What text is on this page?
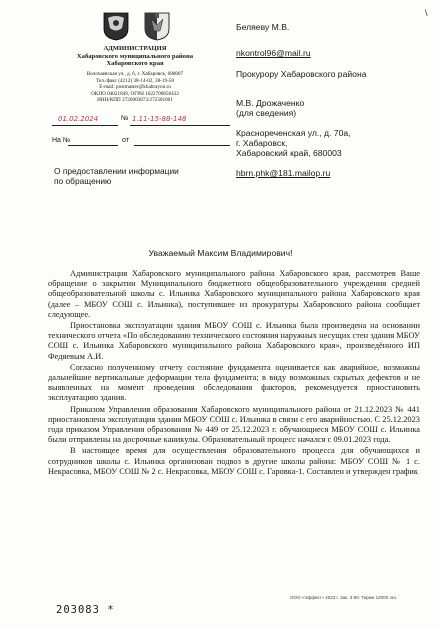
\
АДМИНИСТРАЦИЯ
Хабаровского муниципального района
Хабаровского края
Волочаевская ул., д. 6, г. Хабаровск, 680007
Тел./факс (4212) 38-14-02, 38-19-58
E-mail: postmaster@khabrayon.ru
ОКПО 04021849, ОГРН 1022700858432
ИНН/КПП 2720003873/272301001
01.02.2024	№ 1.11-15-88-148
На №	от
О предоставлении информации
по обращению
Беляеву М.В.
nkontrol96@mail.ru
Прокурору Хабаровского района
М.В. Дрожаченко
(для сведения)
Краснореченская ул., д. 70а,
г. Хабаровск,
Хабаровский край, 680003
hbrn.phk@181.mailop.ru
Уважаемый Максим Владимирович!

Администрация Хабаровского муниципального района Хабаровского края, рассмотрев Ваше обращение о закрытии Муниципального бюджетного общеобразовательного учреждения средней общеобразовательной школы с. Ильинка Хабаровского муниципального района Хабаровского края (далее – МБОУ СОШ с. Ильинка), поступившее из прокуратуры Хабаровского района сообщает следующее.

Приостановка эксплуатации здания МБОУ СОШ с. Ильинка была произведена на основании технического отчета «По обследованию технического состояния наружных несущих стен здания МБОУ СОШ с. Ильинка Хабаровского муниципального района Хабаровского края», произведённого ИП Федяевым А.И.

Согласно полученному отчету состояние фундамента оценивается как аварийное, возможны дальнейшие вертикальные деформации тела фундамента; в виду возможных скрытых дефектов и не выявленных на момент проведения обследования факторов, рекомендуется приостановить эксплуатацию здания.

Приказом Управления образования Хабаровского муниципального района от 21.12.2023 № 441 приостановлена эксплуатация здания МБОУ СОШ с. Ильинка в связи с его аварийностью. С 25.12.2023 года приказом Управления образования № 449 от 25.12.2023 г. обучающиеся МБОУ СОШ с. Ильинка были отправлены на досрочные каникулы. Образовательный процесс начался с 09.01.2023 года.

В настоящее время для осуществления образовательного процесса для обучающихся и сотрудников школы с. Ильинка организован подвоз в другие школы района: МБОУ СОШ № 1 с. Некрасовка, МБОУ СОШ № 2 с. Некрасовка, МБОУ СОШ с. Гаровка-1. Составлен и утвержден график

ООО «Эффект» 2023 г. Зак. 3-80. Тираж 12000 экз.
203083 *
